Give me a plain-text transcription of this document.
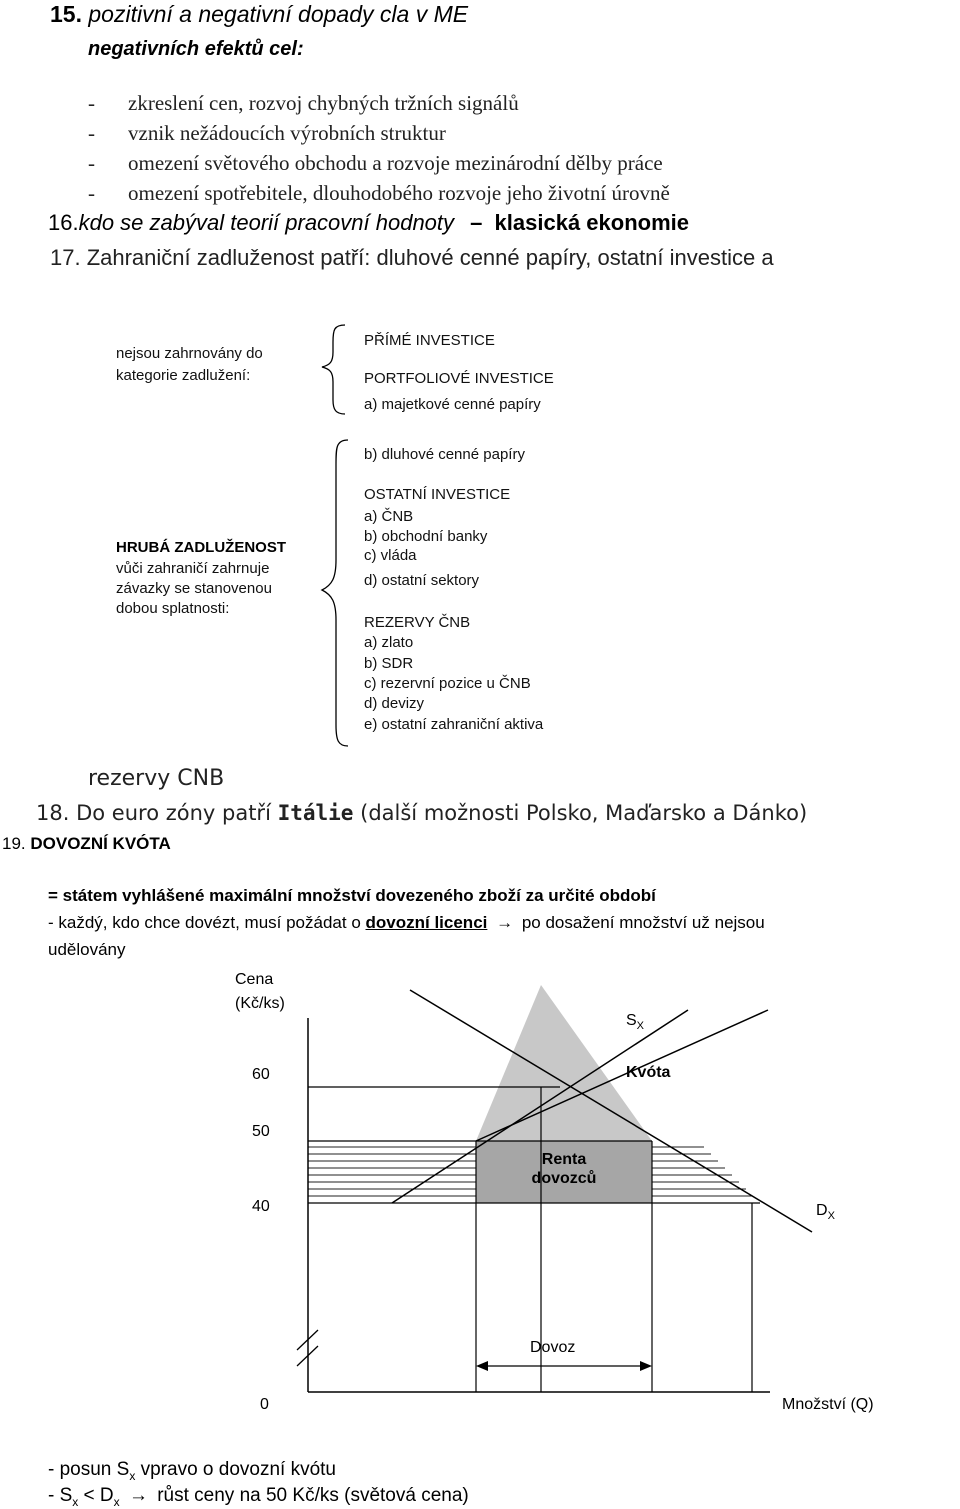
15. pozitivní a negativní dopady cla v ME
negativních efektů cel:
- zkreslení cen, rozvoj chybných tržních signálů
- vznik nežádoucích výrobních struktur
- omezení světového obchodu a rozvoje mezinárodní dělby práce
- omezení spotřebitele, dlouhodobého rozvoje jeho životní úrovně
16.kdo se zabýval teorií pracovní hodnoty – klasická ekonomie
17. Zahraniční zadluženost patří: dluhové cenné papíry, ostatní investice a
nejsou zahrnovány do
kategorie zadlužení:
HRUBÁ ZADLUŽENOST
vůči zahraničí zahrnuje
závazky se stanovenou
dobou splatnosti:
PŘÍMÉ INVESTICE
PORTFOLIOVÉ INVESTICE
a) majetkové cenné papíry
b) dluhové cenné papíry
OSTATNÍ INVESTICE
a) ČNB
b) obchodní banky
c) vláda
d) ostatní sektory
REZERVY ČNB
a) zlato
b) SDR
c) rezervní pozice u ČNB
d) devizy
e) ostatní zahraniční aktiva
rezervy CNB
18. Do euro zóny patří Itálie (další možnosti Polsko, Maďarsko a Dánko)
19. DOVOZNÍ KVÓTA
= státem vyhlášené maximální množství dovezeného zboží za určité období
- každý, kdo chce dovézt, musí požádat o dovozní licenci → po dosažení množství už nejsou
udělovány
Cena
(Kč/ks)
60
50
40
0	Množství (Q)
$S_X$
Kvóta
Renta
dovozců
$D_X$
Dovoz
- posun $S_x$ vpravo o dovozní kvótu
- $S_x < D_x$ → růst ceny na 50 Kč/ks (světová cena)
